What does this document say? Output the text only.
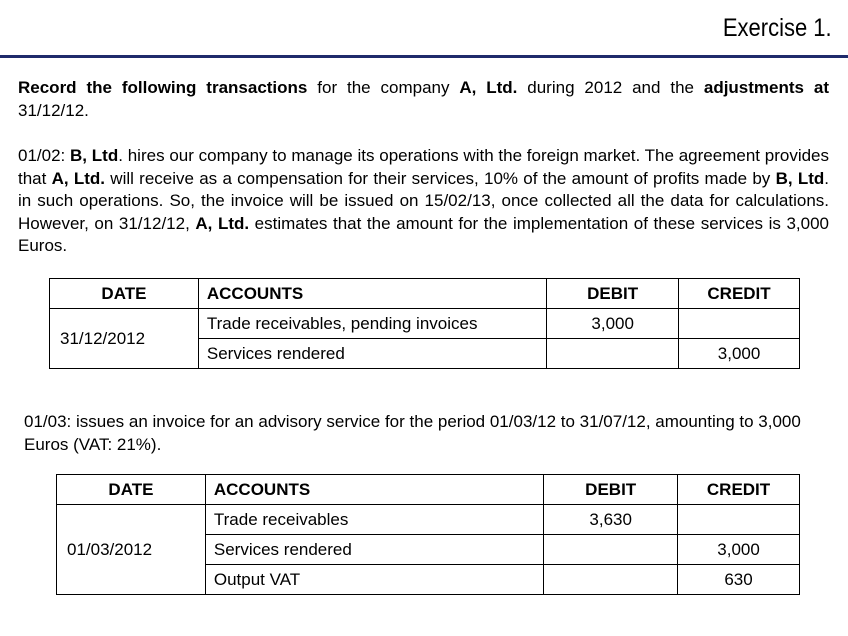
Exercise 1.
Record the following transactions for the company A, Ltd. during 2012 and the adjustments at 31/12/12.
01/02: B, Ltd. hires our company to manage its operations with the foreign market. The agreement provides that A, Ltd. will receive as a compensation for their services, 10% of the amount of profits made by B, Ltd. in such operations. So, the invoice will be issued on 15/02/13, once collected all the data for calculations. However, on 31/12/12, A, Ltd. estimates that the amount for the implementation of these services is 3,000 Euros.
DATE	ACCOUNTS	DEBIT	CREDIT
31/12/2012	Trade receivables, pending invoices	3,000	
	Services rendered		3,000
01/03: issues an invoice for an advisory service for the period 01/03/12 to 31/07/12, amounting to 3,000 Euros (VAT: 21%).
DATE	ACCOUNTS	DEBIT	CREDIT
01/03/2012	Trade receivables	3,630	
	Services rendered		3,000
	Output VAT		630
